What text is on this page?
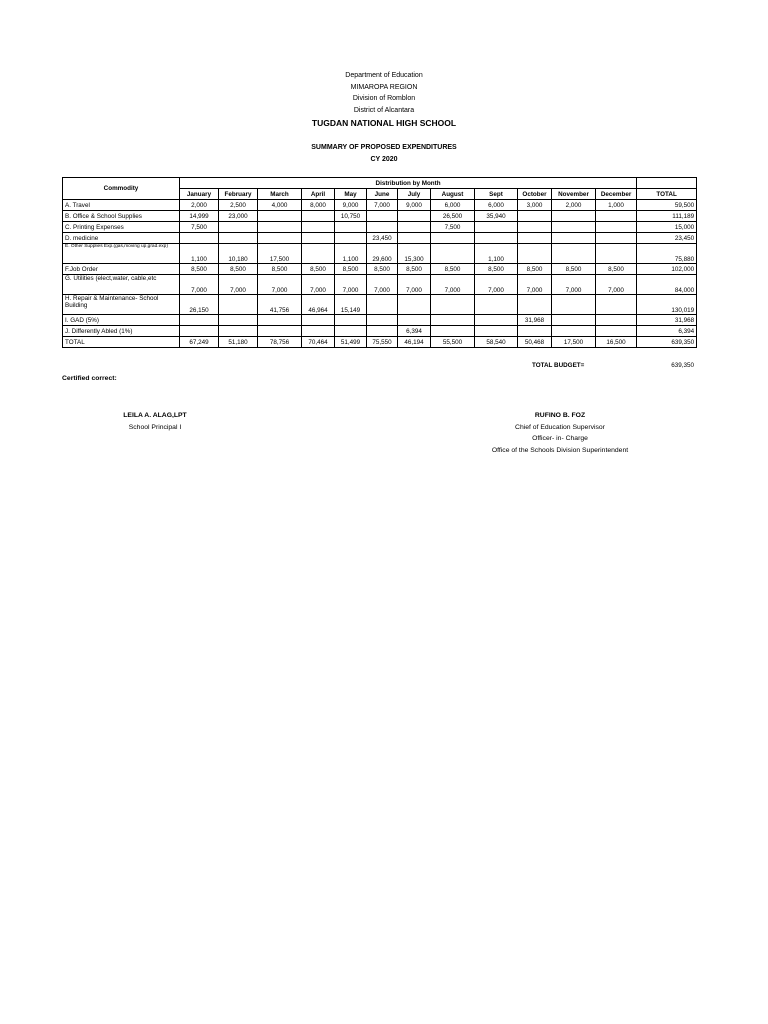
Department of Education
MIMAROPA REGION
Division of Romblon
District of Alcantara
TUGDAN NATIONAL HIGH SCHOOL
SUMMARY OF PROPOSED EXPENDITURES
CY 2020
Commodity	Distribution by Month												
	January	February	March	April	May	June	July	August	Sept	October	November	December	TOTAL
A. Travel	2,000	2,500	4,000	8,000	9,000	7,000	9,000	6,000	6,000	3,000	2,000	1,000	59,500
B. Office & School Supplies	14,999	23,000			10,750			26,500	35,940				111,189
C. Printing Expenses	7,500							7,500					15,000
D. medicine						23,450							23,450
E. Other Supplies Exp.(gas,moving up,grad.exp)	1,100	10,180	17,500		1,100	29,600	15,300		1,100				75,880
F.Job Order	8,500	8,500	8,500	8,500	8,500	8,500	8,500	8,500	8,500	8,500	8,500	8,500	102,000
G. Utilities (elect,water, cable,etc	7,000	7,000	7,000	7,000	7,000	7,000	7,000	7,000	7,000	7,000	7,000	7,000	84,000
H. Repair & Maintenance- School Building	26,150		41,756	46,964	15,149								130,019
I. GAD (5%)										31,968			31,968
J. Differently Abled (1%)							6,394						6,394
TOTAL	67,249	51,180	78,756	70,464	51,499	75,550	46,194	55,500	58,540	50,468	17,500	16,500	639,350
TOTAL BUDGET=	639,350
Certified correct:
LEILA A. ALAG,LPT
School Principal I
RUFINO B. FOZ
Chief of Education Supervisor
Officer- in- Charge
Office of the Schools Division Superintendent
